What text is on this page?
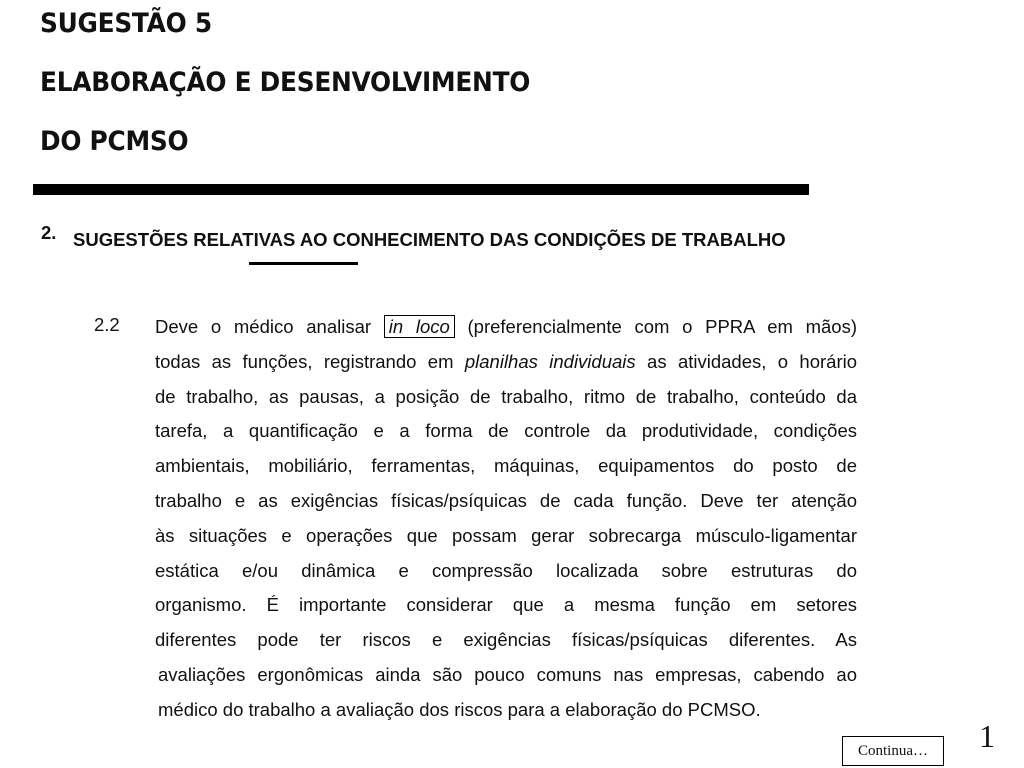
SUGESTÃO 5
ELABORAÇÃO E DESENVOLVIMENTO
DO PCMSO
2. SUGESTÕES RELATIVAS AO CONHECIMENTO DAS CONDIÇÕES DE TRABALHO

2.2 Deve o médico analisar in loco (preferencialmente com o PPRA em mãos)
todas as funções, registrando em planilhas individuais as atividades, o horário
de trabalho, as pausas, a posição de trabalho, ritmo de trabalho, conteúdo da
tarefa, a quantificação e a forma de controle da produtividade, condições
ambientais, mobiliário, ferramentas, máquinas, equipamentos do posto de
trabalho e as exigências físicas/psíquicas de cada função. Deve ter atenção
às situações e operações que possam gerar sobrecarga músculo-ligamentar
estática e/ou dinâmica e compressão localizada sobre estruturas do
organismo. É importante considerar que a mesma função em setores
diferentes pode ter riscos e exigências físicas/psíquicas diferentes. As
avaliações ergonômicas ainda são pouco comuns nas empresas, cabendo ao
médico do trabalho a avaliação dos riscos para a elaboração do PCMSO.
Continua…	1
